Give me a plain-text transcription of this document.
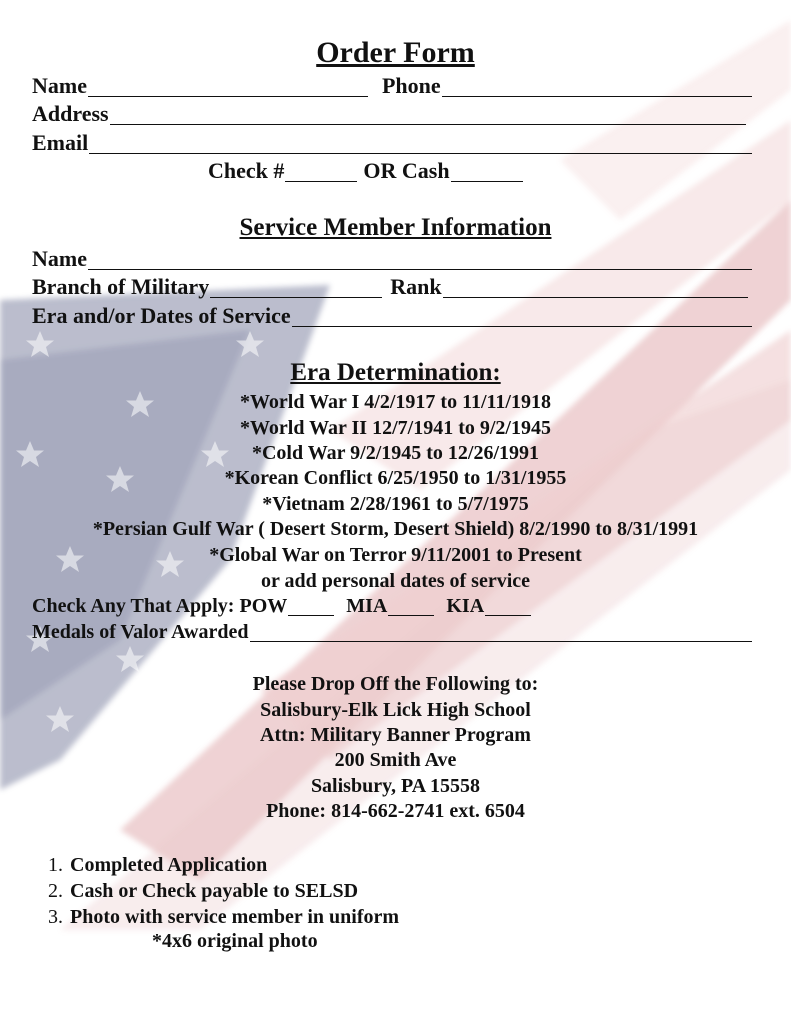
Order Form
Name	Phone
Address
Email
Check #	OR Cash
Service Member Information
Name
Branch of Military	Rank
Era and/or Dates of Service
Era Determination:
*World War I 4/2/1917 to 11/11/1918
*World War II 12/7/1941 to 9/2/1945
*Cold War 9/2/1945 to 12/26/1991
*Korean Conflict 6/25/1950 to 1/31/1955
*Vietnam 2/28/1961 to 5/7/1975
*Persian Gulf War ( Desert Storm, Desert Shield) 8/2/1990 to 8/31/1991
*Global War on Terror 9/11/2001 to Present
or add personal dates of service
Check Any That Apply: POW	MIA	KIA
Medals of Valor Awarded
Please Drop Off the Following to:
Salisbury-Elk Lick High School
Attn: Military Banner Program
200 Smith Ave
Salisbury, PA 15558
Phone: 814-662-2741 ext. 6504
1. Completed Application
2. Cash or Check payable to SELSD
3. Photo with service member in uniform
*4x6 original photo
